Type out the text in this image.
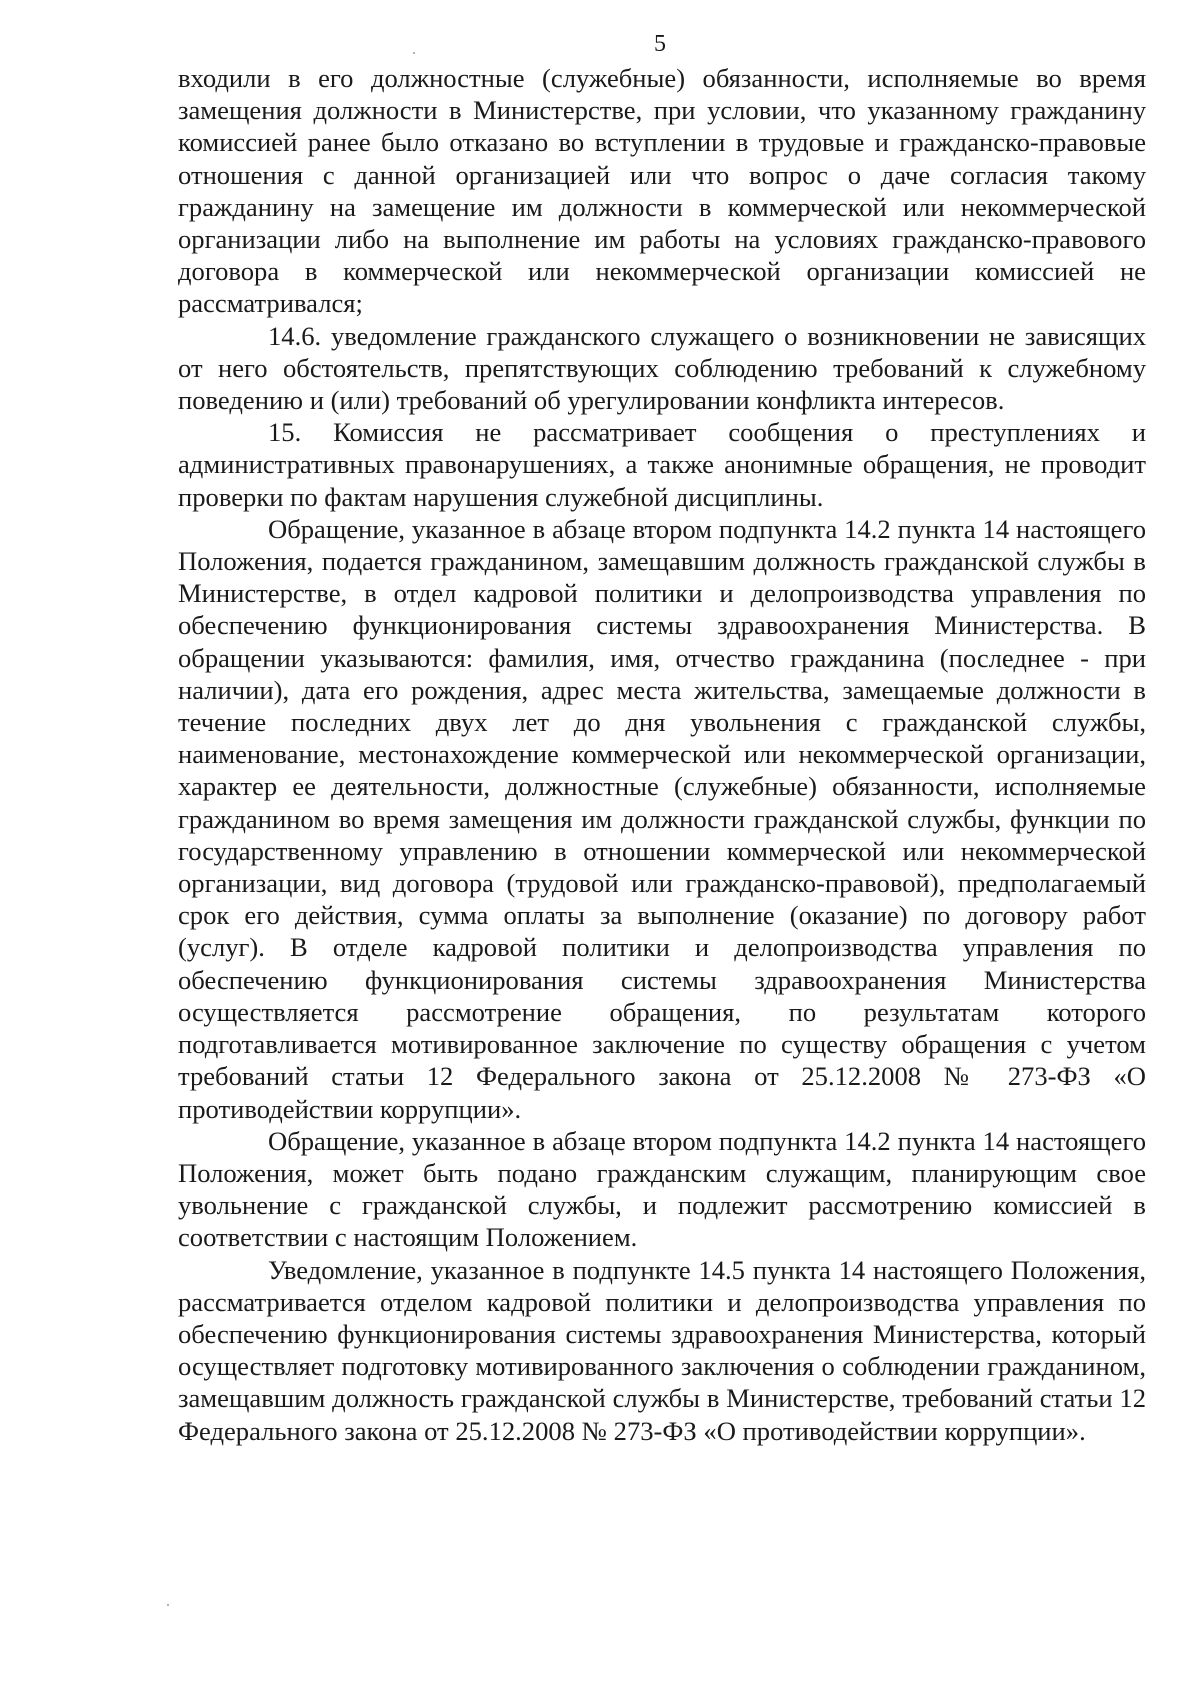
5

входили в его должностные (служебные) обязанности, исполняемые во время замещения должности в Министерстве, при условии, что указанному гражданину комиссией ранее было отказано во вступлении в трудовые и гражданско-правовые отношения с данной организацией или что вопрос о даче согласия такому гражданину на замещение им должности в коммерческой или некоммерческой организации либо на выполнение им работы на условиях гражданско-правового договора в коммерческой или некоммерческой организации комиссией не рассматривался;

14.6. уведомление гражданского служащего о возникновении не зависящих от него обстоятельств, препятствующих соблюдению требований к служебному поведению и (или) требований об урегулировании конфликта интересов.

15. Комиссия не рассматривает сообщения о преступлениях и административных правонарушениях, а также анонимные обращения, не проводит проверки по фактам нарушения служебной дисциплины.

Обращение, указанное в абзаце втором подпункта 14.2 пункта 14 настоящего Положения, подается гражданином, замещавшим должность гражданской службы в Министерстве, в отдел кадровой политики и делопроизводства управления по обеспечению функционирования системы здравоохранения Министерства. В обращении указываются: фамилия, имя, отчество гражданина (последнее - при наличии), дата его рождения, адрес места жительства, замещаемые должности в течение последних двух лет до дня увольнения с гражданской службы, наименование, местонахождение коммерческой или некоммерческой организации, характер ее деятельности, должностные (служебные) обязанности, исполняемые гражданином во время замещения им должности гражданской службы, функции по государственному управлению в отношении коммерческой или некоммерческой организации, вид договора (трудовой или гражданско-правовой), предполагаемый срок его действия, сумма оплаты за выполнение (оказание) по договору работ (услуг). В отделе кадровой политики и делопроизводства управления по обеспечению функционирования системы здравоохранения Министерства осуществляется рассмотрение обращения, по результатам которого подготавливается мотивированное заключение по существу обращения с учетом требований статьи 12 Федерального закона от 25.12.2008 № 273-ФЗ «О противодействии коррупции».

Обращение, указанное в абзаце втором подпункта 14.2 пункта 14 настоящего Положения, может быть подано гражданским служащим, планирующим свое увольнение с гражданской службы, и подлежит рассмотрению комиссией в соответствии с настоящим Положением.

Уведомление, указанное в подпункте 14.5 пункта 14 настоящего Положения, рассматривается отделом кадровой политики и делопроизводства управления по обеспечению функционирования системы здравоохранения Министерства, который осуществляет подготовку мотивированного заключения о соблюдении гражданином, замещавшим должность гражданской службы в Министерстве, требований статьи 12 Федерального закона от 25.12.2008 № 273-ФЗ «О противодействии коррупции».
